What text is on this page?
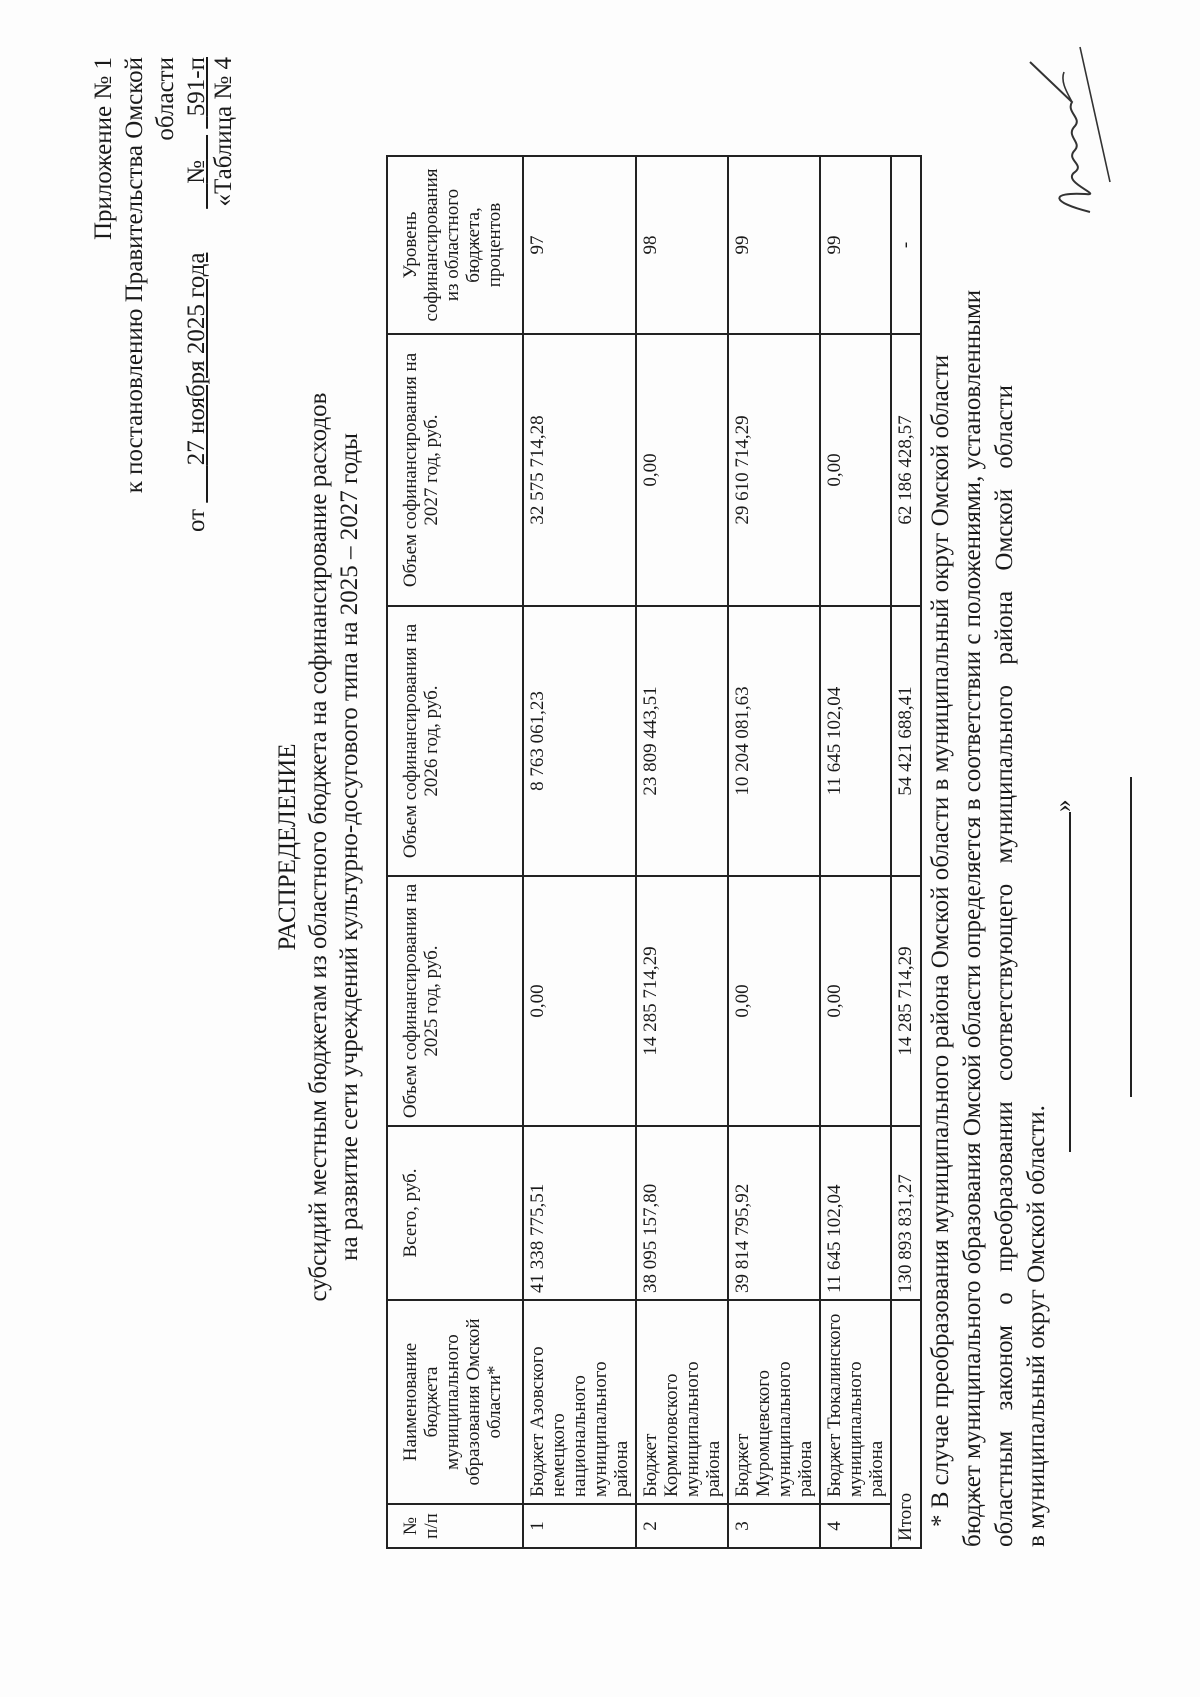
Приложение № 1 к постановлению Правительства Омской области
от       27 ноября 2025 года           №       591-п «Таблица № 4
РАСПРЕДЕЛЕНИЕ субсидий местным бюджетам из областного бюджета на софинансирование расходов на развитие сети учреждений культурно-досугового типа на 2025 – 2027 годы
№ п/п	Наименование бюджета муниципального образования Омской области*	Всего, руб.	Объем софинансирования на 2025 год, руб.	Объем софинансирования на 2026 год, руб.	Объем софинансирования на 2027 год, руб.	Уровень софинансирования из областного бюджета, процентов
1	Бюджет Азовского немецкого национального муниципального района	41 338 775,51	0,00	8 763 061,23	32 575 714,28	97
2	Бюджет Кормиловского муниципального района	38 095 157,80	14 285 714,29	23 809 443,51	0,00	98
3	Бюджет Муромцевского муниципального района	39 814 795,92	0,00	10 204 081,63	29 610 714,29	99
4	Бюджет Тюкалинского муниципального района	11 645 102,04	0,00	11 645 102,04	0,00	99
Итого		130 893 831,27	14 285 714,29	54 421 688,41	62 186 428,57	-
* В случае преобразования муниципального района Омской области в муниципальный округ Омской области бюджет муниципального образования Омской области определяется в соответствии с положениями, установленными областным законом о преобразовании соответствующего муниципального района Омской области в муниципальный округ Омской области.
»
